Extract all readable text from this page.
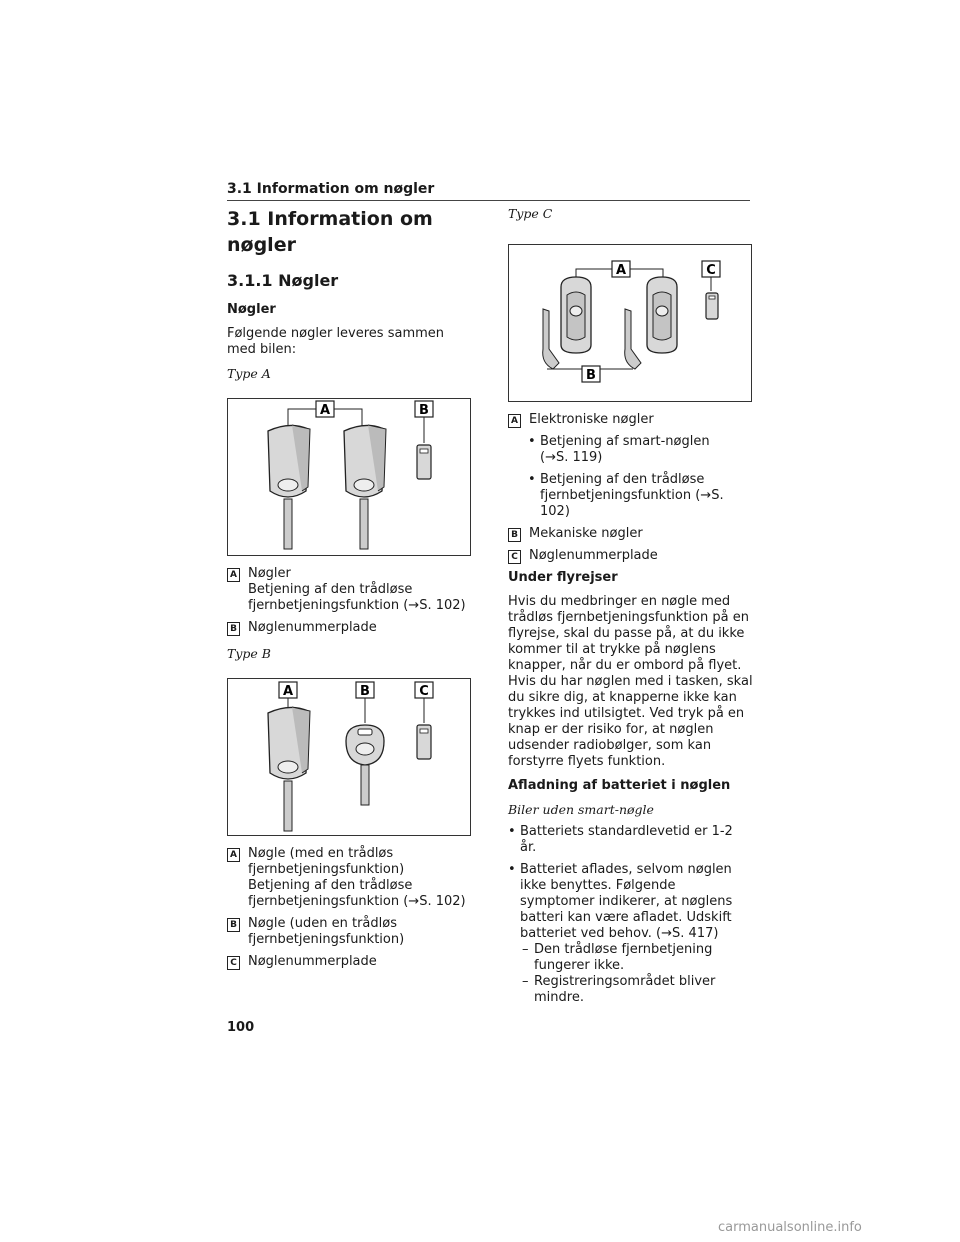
3.1 Information om nøgler
3.1 Information om nøgler
3.1.1 Nøgler
Nøgler

Følgende nøgler leveres sammen med bilen:

Type A
A	B
A Nøgler
Betjening af den trådløse
fjernbetjeningsfunktion (→S. 102)
B Nøglenummerplade
Type B
A	B	C
A Nøgle (med en trådløs
fjernbetjeningsfunktion)
Betjening af den trådløse
fjernbetjeningsfunktion (→S. 102)
B Nøgle (uden en trådløs
fjernbetjeningsfunktion)
C Nøglenummerplade
Type C
A	C
B
A Elektroniske nøgler
• Betjening af smart-nøglen
(→S. 119)
• Betjening af den trådløse
fjernbetjeningsfunktion (→S. 102)
B Mekaniske nøgler
C Nøglenummerplade
Under flyrejser

Hvis du medbringer en nøgle med trådløs fjernbetjeningsfunktion på en flyrejse, skal du passe på, at du ikke kommer til at trykke på nøglens knapper, når du er ombord på flyet. Hvis du har nøglen med i tasken, skal du sikre dig, at knapperne ikke kan trykkes ind utilsigtet. Ved tryk på en knap er der risiko for, at nøglen udsender radiobølger, som kan forstyrre flyets funktion.

Afladning af batteriet i nøglen
Biler uden smart-nøgle
• Batteriets standardlevetid er 1-2 år.
• Batteriet aflades, selvom nøglen ikke benyttes. Følgende symptomer indikerer, at nøglens batteri kan være afladet. Udskift batteriet ved behov. (→S. 417)
– Den trådløse fjernbetjening fungerer ikke.
– Registreringsområdet bliver mindre.
100
carmanualsonline.info
